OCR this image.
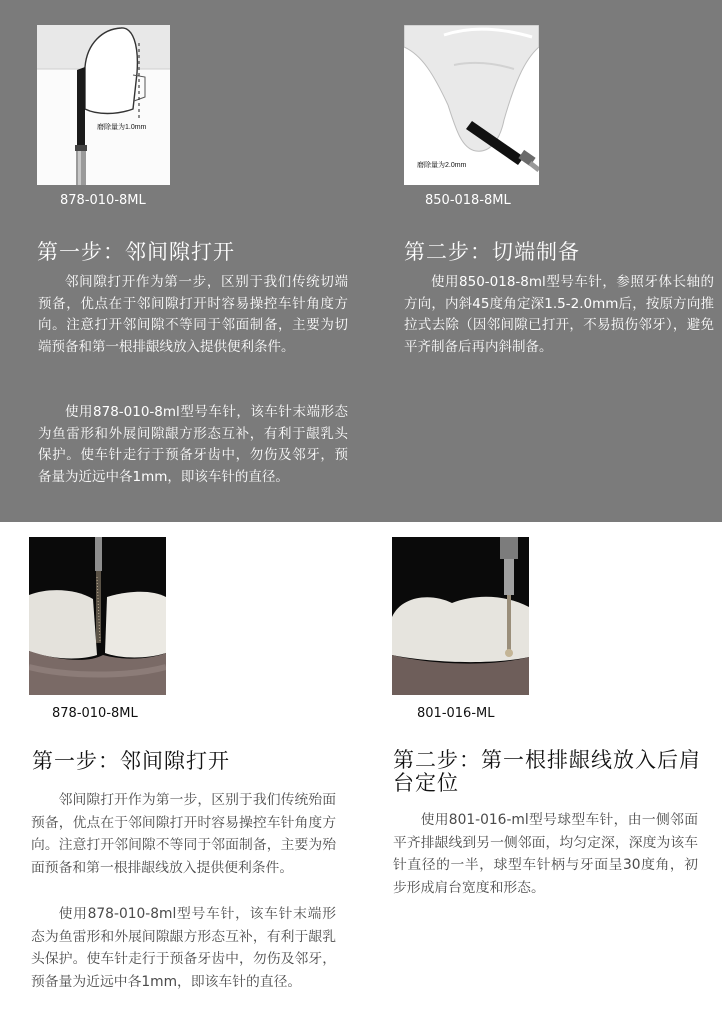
磨除量为1.0mm
878-010-8ML
磨除量为2.0mm
850-018-8ML
第一步：邻间隙打开

邻间隙打开作为第一步，区别于我们传统切端预备，优点在于邻间隙打开时容易操控车针角度方向。注意打开邻间隙不等同于邻面制备，主要为切端预备和第一根排龈线放入提供便利条件。

使用878-010-8ml型号车针，该车针末端形态为鱼雷形和外展间隙龈方形态互补，有利于龈乳头保护。使车针走行于预备牙齿中，勿伤及邻牙，预备量为近远中各1mm，即该车针的直径。

第二步：切端制备

使用850-018-8ml型号车针，参照牙体长轴的方向，内斜45度角定深1.5-2.0mm后，按原方向推拉式去除（因邻间隙已打开，不易损伤邻牙），避免平齐制备后再内斜制备。

878-010-8ML	801-016-ML
第一步：邻间隙打开

邻间隙打开作为第一步，区别于我们传统殆面预备，优点在于邻间隙打开时容易操控车针角度方向。注意打开邻间隙不等同于邻面制备，主要为殆面预备和第一根排龈线放入提供便利条件。

使用878-010-8ml型号车针，该车针末端形态为鱼雷形和外展间隙龈方形态互补，有利于龈乳头保护。使车针走行于预备牙齿中，勿伤及邻牙，预备量为近远中各1mm，即该车针的直径。

第二步：第一根排龈线放入后肩台定位

使用801-016-ml型号球型车针，由一侧邻面平齐排龈线到另一侧邻面，均匀定深，深度为该车针直径的一半，球型车针柄与牙面呈30度角，初步形成肩台宽度和形态。
